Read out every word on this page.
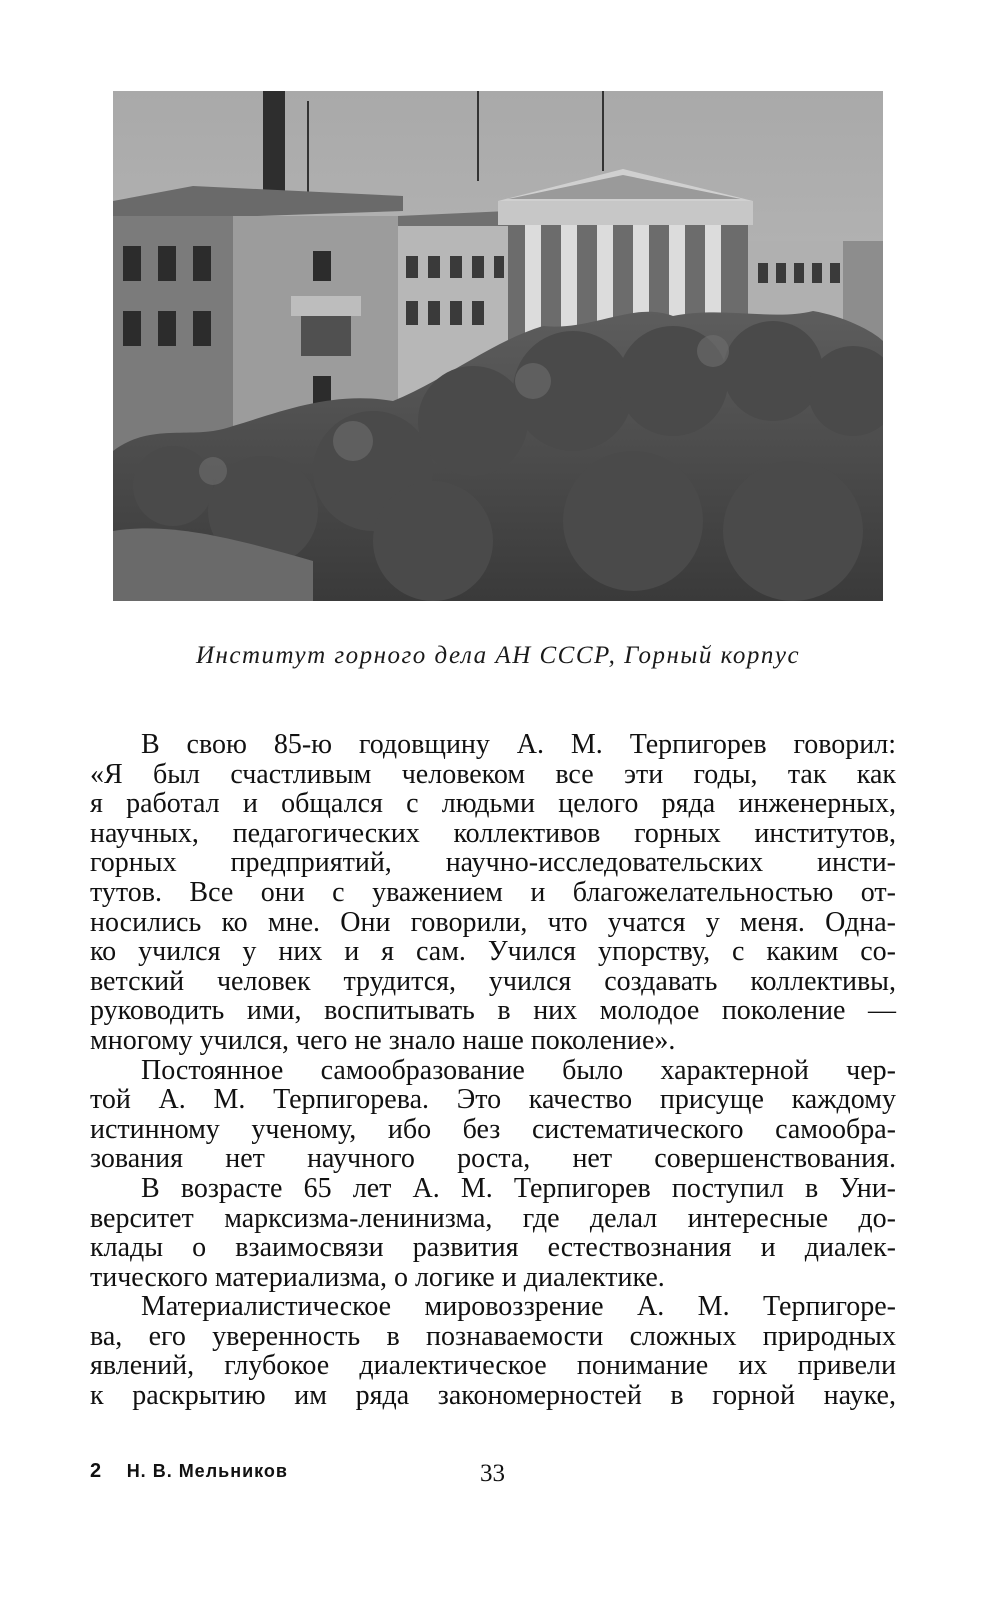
Институт горного дела АН СССР, Горный корпус

В свою 85-ю годовщину А. М. Терпигорев говорил:
«Я был счастливым человеком все эти годы, так как
я работал и общался с людьми целого ряда инженерных,
научных, педагогических коллективов горных институтов,
горных предприятий, научно-исследовательских инсти-
тутов. Все они с уважением и благожелательностью от-
носились ко мне. Они говорили, что учатся у меня. Одна-
ко учился у них и я сам. Учился упорству, с каким со-
ветский человек трудится, учился создавать коллективы,
руководить ими, воспитывать в них молодое поколение —
многому учился, чего не знало наше поколение».

Постоянное самообразование было характерной чер-
той А. М. Терпигорева. Это качество присуще каждому
истинному ученому, ибо без систематического самообра-
зования нет научного роста, нет совершенствования.

В возрасте 65 лет А. М. Терпигорев поступил в Уни-
верситет марксизма-ленинизма, где делал интересные до-
клады о взаимосвязи развития естествознания и диалек-
тического материализма, о логике и диалектике.

Материалистическое мировоззрение А. М. Терпигоре-
ва, его уверенность в познаваемости сложных природных
явлений, глубокое диалектическое понимание их привели
к раскрытию им ряда закономерностей в горной науке,

2 Н. В. Мельников	33
